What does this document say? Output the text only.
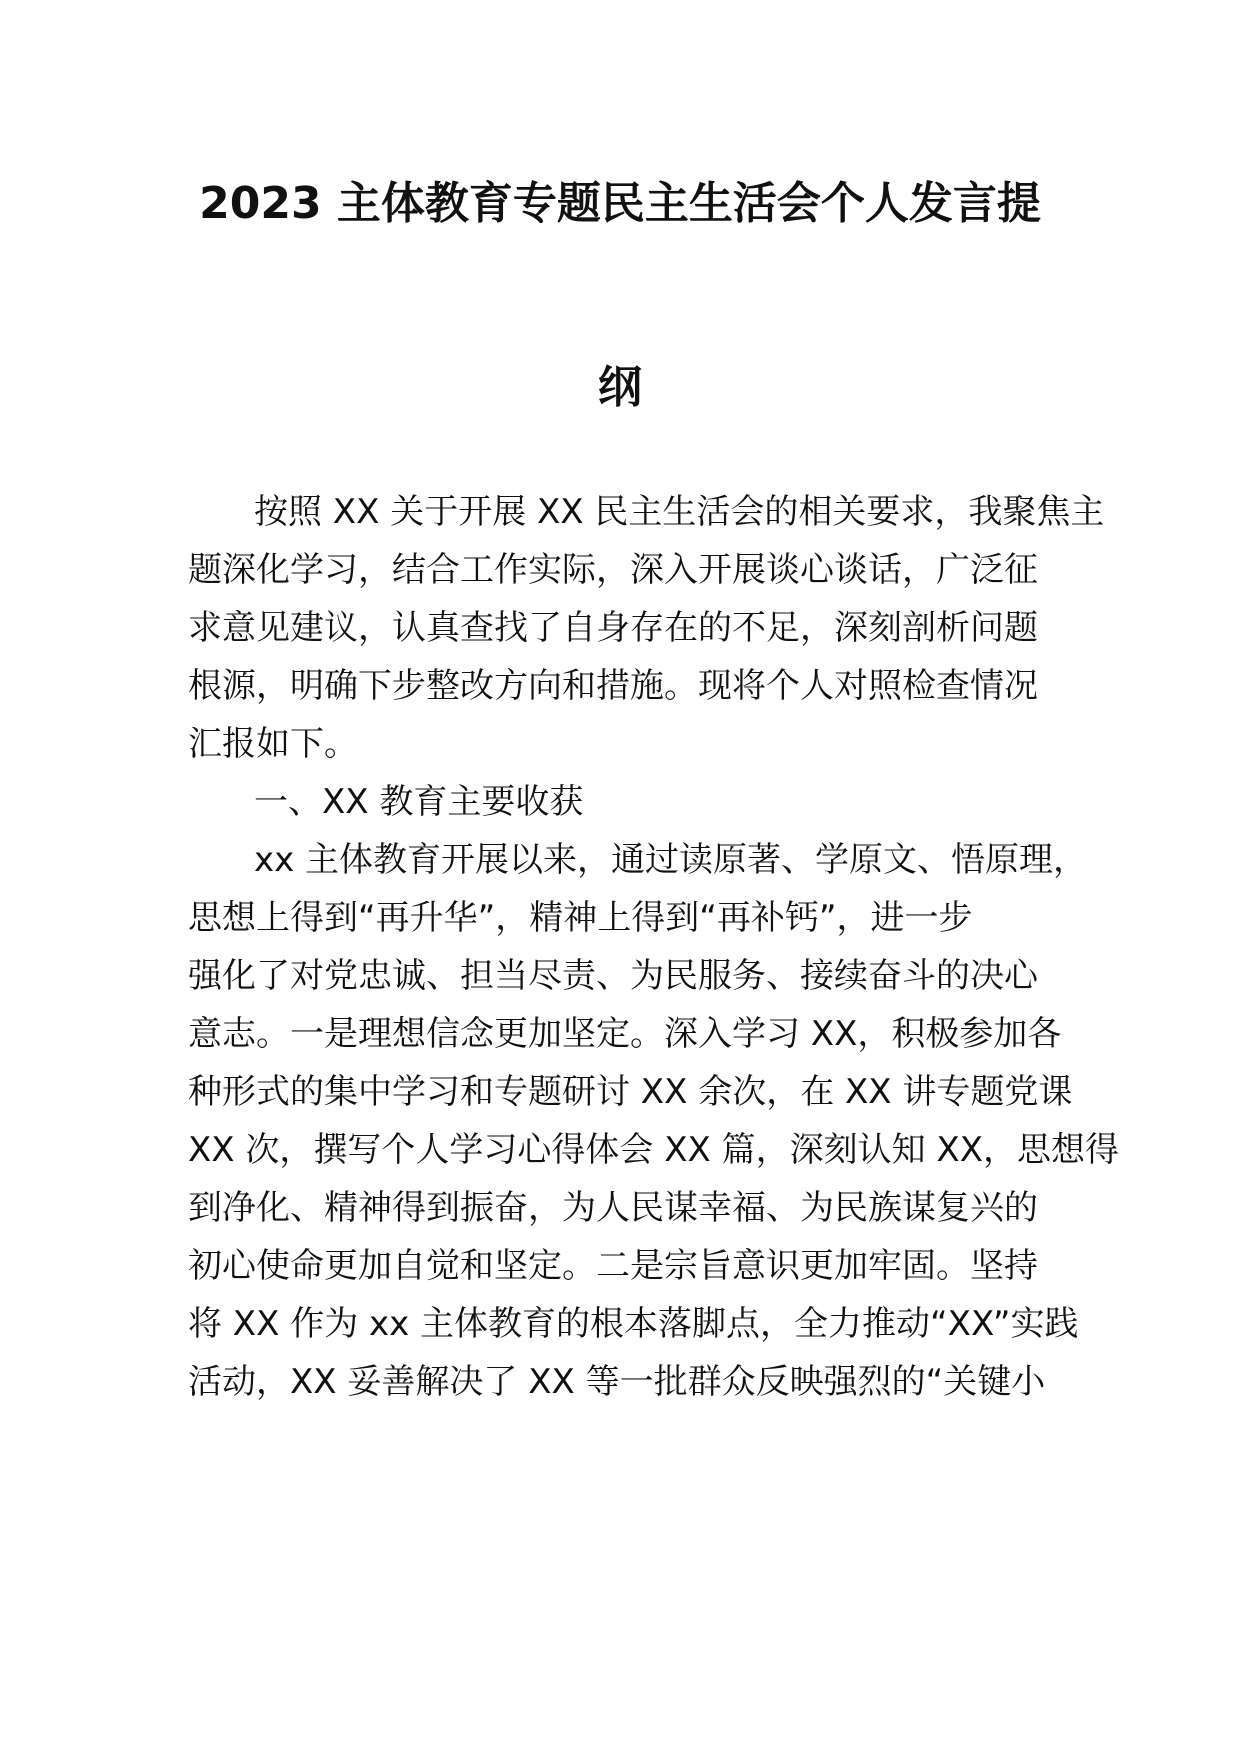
2023 主体教育专题民主生活会个人发言提
纲
按照 XX 关于开展 XX 民主生活会的相关要求，我聚焦主
题深化学习，结合工作实际，深入开展谈心谈话，广泛征
求意见建议，认真查找了自身存在的不足，深刻剖析问题
根源，明确下步整改方向和措施。现将个人对照检查情况
汇报如下。
一、XX 教育主要收获
xx 主体教育开展以来，通过读原著、学原文、悟原理，
思想上得到“再升华”，精神上得到“再补钙”，进一步
强化了对党忠诚、担当尽责、为民服务、接续奋斗的决心
意志。一是理想信念更加坚定。深入学习 XX，积极参加各
种形式的集中学习和专题研讨 XX 余次，在 XX 讲专题党课
XX 次，撰写个人学习心得体会 XX 篇，深刻认知 XX，思想得
到净化、精神得到振奋，为人民谋幸福、为民族谋复兴的
初心使命更加自觉和坚定。二是宗旨意识更加牢固。坚持
将 XX 作为 xx 主体教育的根本落脚点，全力推动“XX”实践
活动，XX 妥善解决了 XX 等一批群众反映强烈的“关键小
